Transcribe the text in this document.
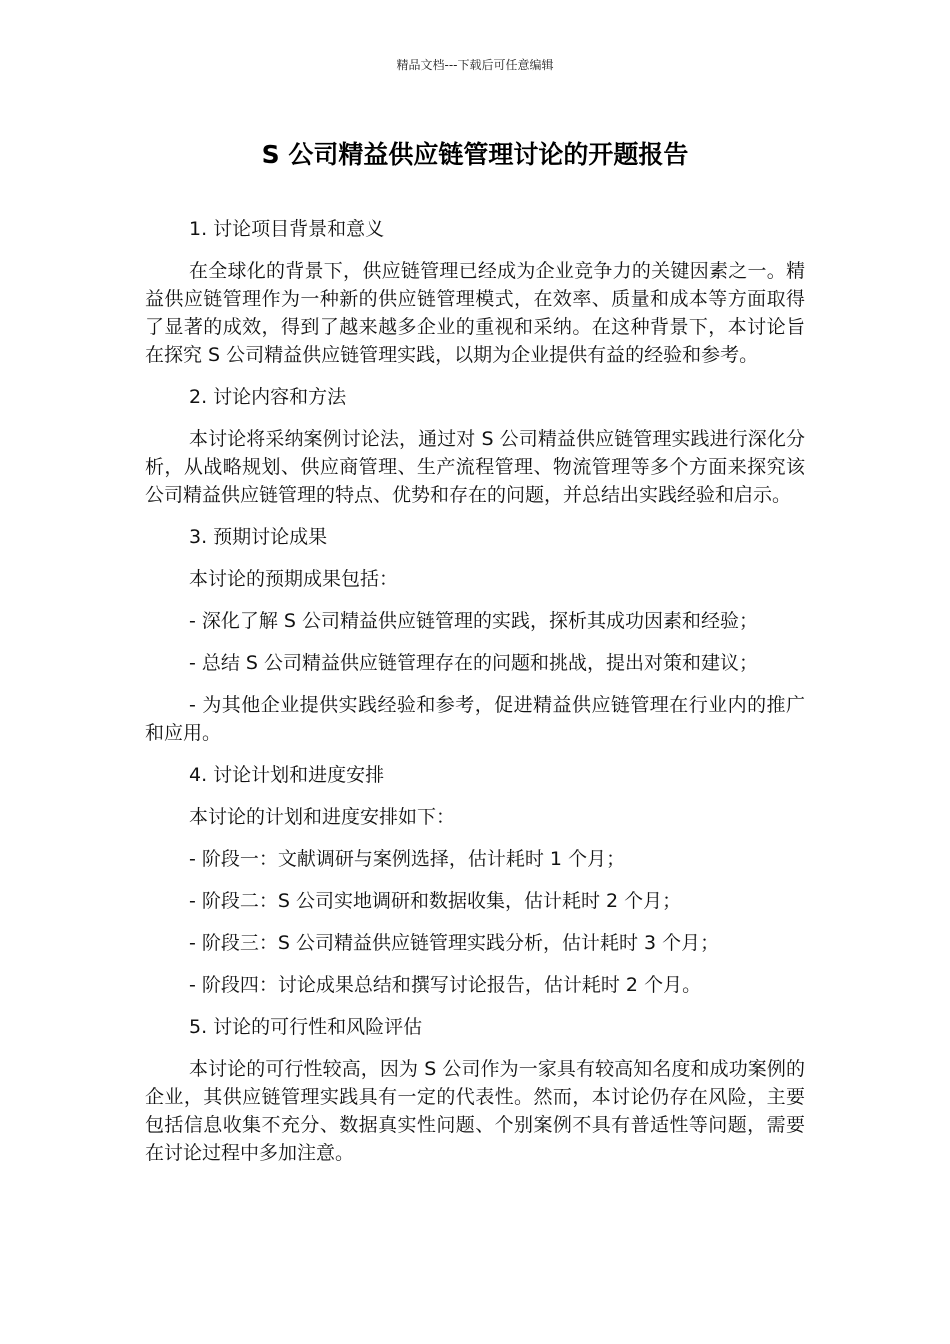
精品文档---下载后可任意编辑
S 公司精益供应链管理讨论的开题报告

1. 讨论项目背景和意义

在全球化的背景下，供应链管理已经成为企业竞争力的关键因素之一。精益供应链管理作为一种新的供应链管理模式，在效率、质量和成本等方面取得了显著的成效，得到了越来越多企业的重视和采纳。在这种背景下，本讨论旨在探究 S 公司精益供应链管理实践，以期为企业提供有益的经验和参考。

2. 讨论内容和方法

本讨论将采纳案例讨论法，通过对 S 公司精益供应链管理实践进行深化分析，从战略规划、供应商管理、生产流程管理、物流管理等多个方面来探究该公司精益供应链管理的特点、优势和存在的问题，并总结出实践经验和启示。

3. 预期讨论成果

本讨论的预期成果包括：

- 深化了解 S 公司精益供应链管理的实践，探析其成功因素和经验；

- 总结 S 公司精益供应链管理存在的问题和挑战，提出对策和建议；

- 为其他企业提供实践经验和参考，促进精益供应链管理在行业内的推广和应用。

4. 讨论计划和进度安排

本讨论的计划和进度安排如下：

- 阶段一：文献调研与案例选择，估计耗时 1 个月；

- 阶段二：S 公司实地调研和数据收集，估计耗时 2 个月；

- 阶段三：S 公司精益供应链管理实践分析，估计耗时 3 个月；

- 阶段四：讨论成果总结和撰写讨论报告，估计耗时 2 个月。

5. 讨论的可行性和风险评估

本讨论的可行性较高，因为 S 公司作为一家具有较高知名度和成功案例的企业，其供应链管理实践具有一定的代表性。然而，本讨论仍存在风险，主要包括信息收集不充分、数据真实性问题、个别案例不具有普适性等问题，需要在讨论过程中多加注意。
